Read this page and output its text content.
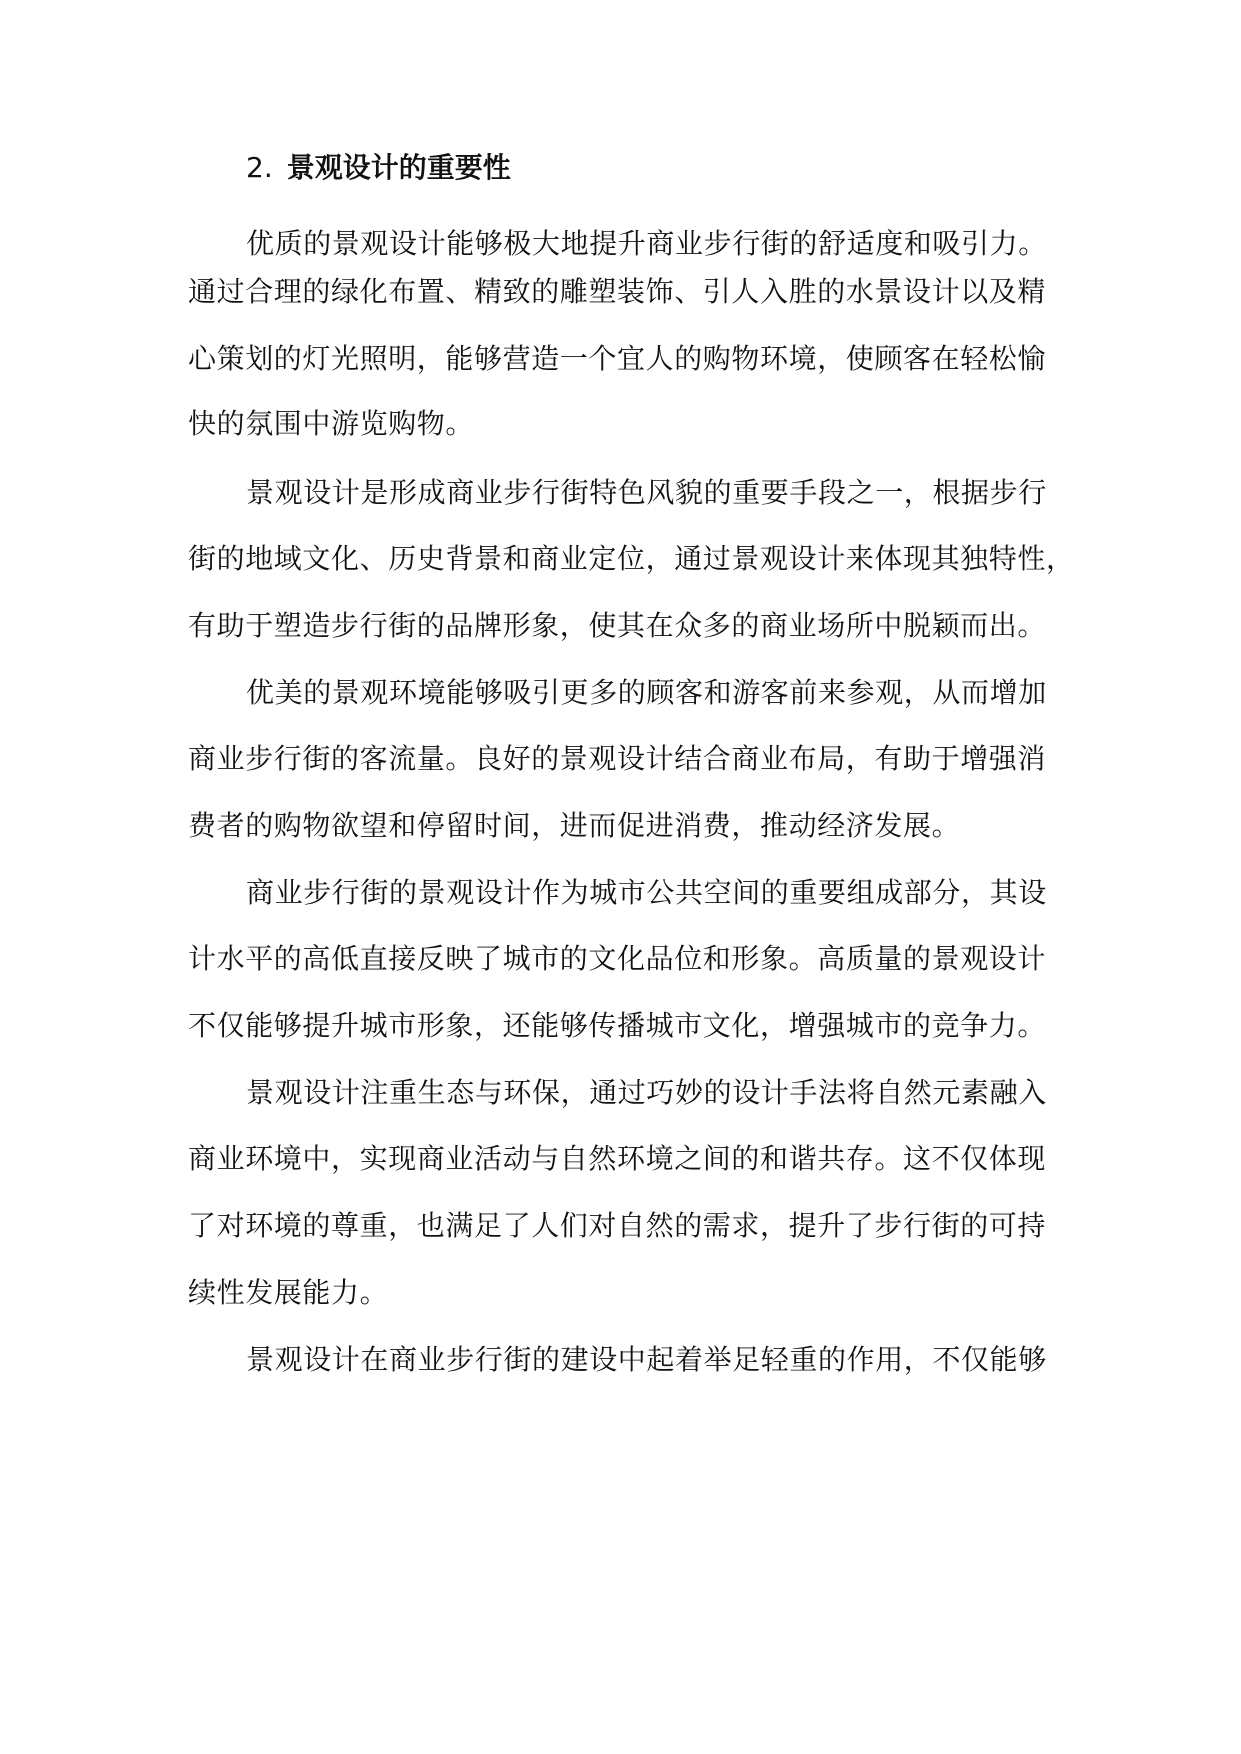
2. 景观设计的重要性
优质的景观设计能够极大地提升商业步行街的舒适度和吸引力。
通过合理的绿化布置、精致的雕塑装饰、引人入胜的水景设计以及精
心策划的灯光照明，能够营造一个宜人的购物环境，使顾客在轻松愉
快的氛围中游览购物。
景观设计是形成商业步行街特色风貌的重要手段之一，根据步行
街的地域文化、历史背景和商业定位，通过景观设计来体现其独特性，
有助于塑造步行街的品牌形象，使其在众多的商业场所中脱颖而出。
优美的景观环境能够吸引更多的顾客和游客前来参观，从而增加
商业步行街的客流量。良好的景观设计结合商业布局，有助于增强消
费者的购物欲望和停留时间，进而促进消费，推动经济发展。
商业步行街的景观设计作为城市公共空间的重要组成部分，其设
计水平的高低直接反映了城市的文化品位和形象。高质量的景观设计
不仅能够提升城市形象，还能够传播城市文化，增强城市的竞争力。
景观设计注重生态与环保，通过巧妙的设计手法将自然元素融入
商业环境中，实现商业活动与自然环境之间的和谐共存。这不仅体现
了对环境的尊重，也满足了人们对自然的需求，提升了步行街的可持
续性发展能力。
景观设计在商业步行街的建设中起着举足轻重的作用，不仅能够
